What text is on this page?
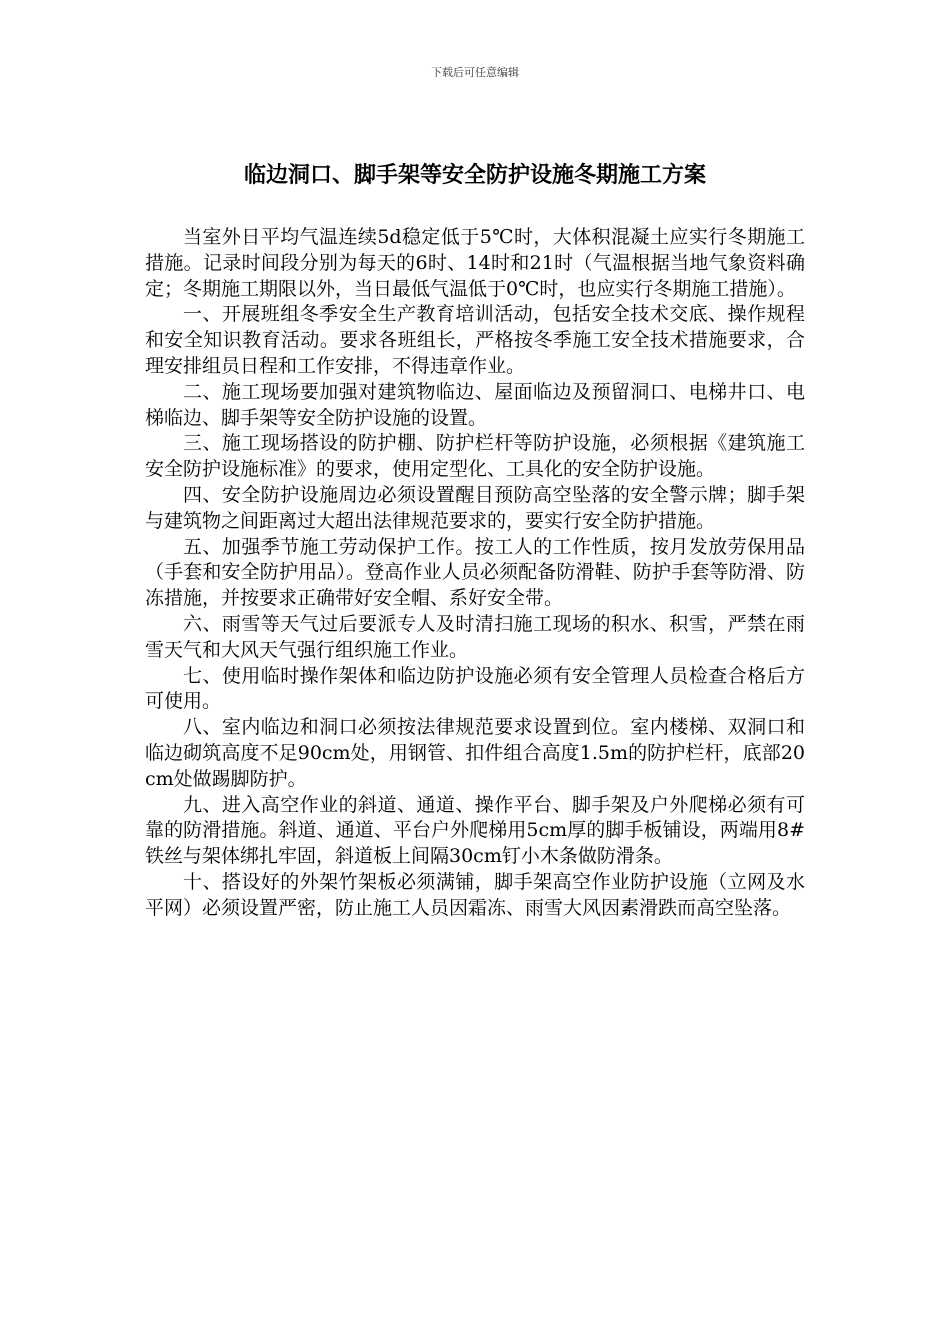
下载后可任意编辑
临边洞口、脚手架等安全防护设施冬期施工方案

当室外日平均气温连续5d稳定低于5℃时，大体积混凝土应实行冬期施工措施。记录时间段分别为每天的6时、14时和21时（气温根据当地气象资料确定；冬期施工期限以外，当日最低气温低于0℃时，也应实行冬期施工措施）。

一、开展班组冬季安全生产教育培训活动，包括安全技术交底、操作规程和安全知识教育活动。要求各班组长，严格按冬季施工安全技术措施要求，合理安排组员日程和工作安排，不得违章作业。

二、施工现场要加强对建筑物临边、屋面临边及预留洞口、电梯井口、电梯临边、脚手架等安全防护设施的设置。

三、施工现场搭设的防护棚、防护栏杆等防护设施，必须根据《建筑施工安全防护设施标准》的要求，使用定型化、工具化的安全防护设施。

四、安全防护设施周边必须设置醒目预防高空坠落的安全警示牌；脚手架与建筑物之间距离过大超出法律规范要求的，要实行安全防护措施。

五、加强季节施工劳动保护工作。按工人的工作性质，按月发放劳保用品（手套和安全防护用品）。登高作业人员必须配备防滑鞋、防护手套等防滑、防冻措施，并按要求正确带好安全帽、系好安全带。

六、雨雪等天气过后要派专人及时清扫施工现场的积水、积雪，严禁在雨雪天气和大风天气强行组织施工作业。

七、使用临时操作架体和临边防护设施必须有安全管理人员检查合格后方可使用。

八、室内临边和洞口必须按法律规范要求设置到位。室内楼梯、双洞口和临边砌筑高度不足90cm处，用钢管、扣件组合高度1.5m的防护栏杆，底部20cm处做踢脚防护。

九、进入高空作业的斜道、通道、操作平台、脚手架及户外爬梯必须有可靠的防滑措施。斜道、通道、平台户外爬梯用5cm厚的脚手板铺设，两端用8#铁丝与架体绑扎牢固，斜道板上间隔30cm钉小木条做防滑条。

十、搭设好的外架竹架板必须满铺，脚手架高空作业防护设施（立网及水平网）必须设置严密，防止施工人员因霜冻、雨雪大风因素滑跌而高空坠落。
